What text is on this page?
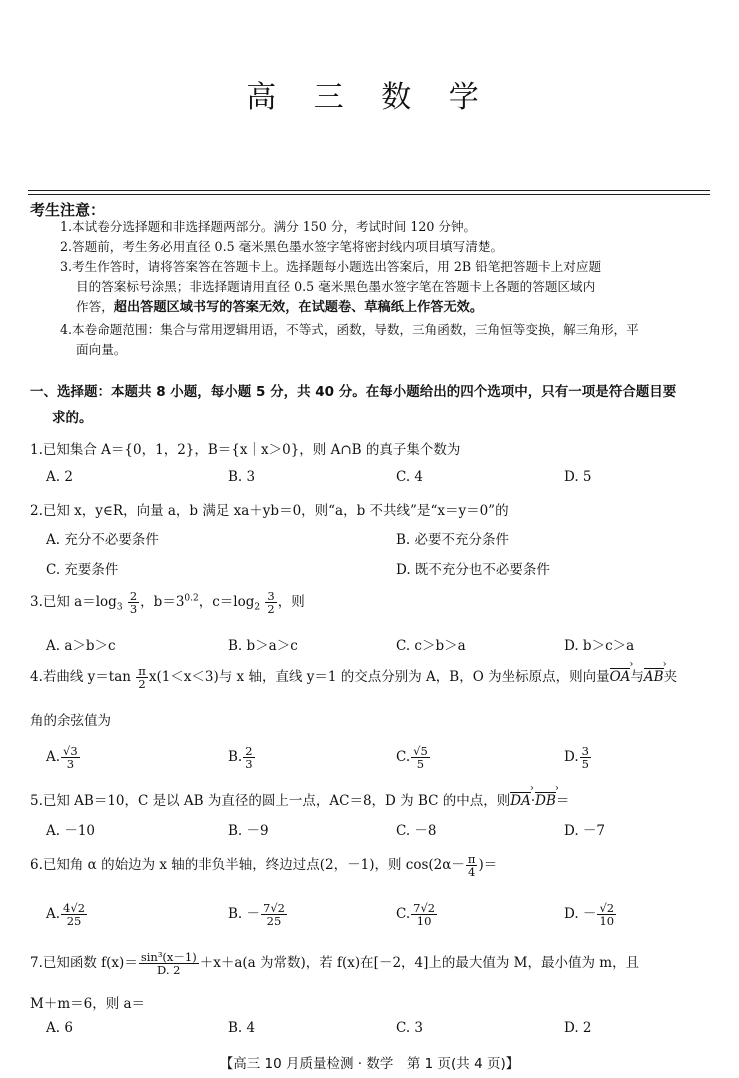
高 三 数 学
考生注意：
1.本试卷分选择题和非选择题两部分。满分 150 分，考试时间 120 分钟。
2.答题前，考生务必用直径 0.5 毫米黑色墨水签字笔将密封线内项目填写清楚。
3.考生作答时，请将答案答在答题卡上。选择题每小题选出答案后，用 2B 铅笔把答题卡上对应题
目的答案标号涂黑；非选择题请用直径 0.5 毫米黑色墨水签字笔在答题卡上各题的答题区域内
作答，超出答题区域书写的答案无效，在试题卷、草稿纸上作答无效。
4.本卷命题范围：集合与常用逻辑用语，不等式，函数，导数，三角函数，三角恒等变换，解三角形，平
面向量。
一、选择题：本题共 8 小题，每小题 5 分，共 40 分。在每小题给出的四个选项中，只有一项是符合题目要
求的。
1.已知集合 A＝{0，1，2}，B＝{x｜x＞0}，则 A∩B 的真子集个数为
A. 2	B. 3	C. 4	D. 5
2.已知 x，y∈R，向量 a，b 满足 xa＋yb＝0，则“a，b 不共线”是“x＝y＝0”的
A. 充分不必要条件	B. 必要不充分条件
C. 充要条件	D. 既不充分也不必要条件
3.已知 $a=\log_3 \frac{2}{3}$ ，$b=3^{0.2}$，$c=\log_2 \frac{3}{2}$ ，则
A. a＞b＞c	B. b＞a＞c	C. c＞b＞a	D. b＞c＞a
4.若曲线 $y=\tan \frac{\pi}{2} x(1<x<3)$与 x 轴，直线 y＝1 的交点分别为 A，B，O 为坐标原点，则向量OA ›与AB ›夹
角的余弦值为
A. $\frac{√3}{3}$	B. $\frac{2}{3}$	C. $\frac{√5}{5}$	D. $\frac{3}{5}$
5.已知 AB＝10，C 是以 AB 为直径的圆上一点，AC＝8，D 为 BC 的中点，则DA ›·DB ›＝
A. －10	B. －9	C. －8	D. －7
6.已知角 α 的始边为 x 轴的非负半轴，终边过点(2，－1)，则 $\cos(2\alpha- \frac{\pi}{4}$ )＝
A. $\frac{4√2}{25}$	B. － $\frac{7√2}{25}$	C. $\frac{7√2}{10}$	D. － $\frac{√2}{10}$
7.已知函数 $f(x)= \frac{\text{sin³(x－1)}}{D. 2} +x+a(a$ 为常数)，若 f(x)在[－2，4]上的最大值为 M，最小值为 m，且
M＋m＝6，则 a＝
A. 6	B. 4	C. 3	D. 2
【高三 10 月质量检测 · 数学　第 1 页(共 4 页)】
